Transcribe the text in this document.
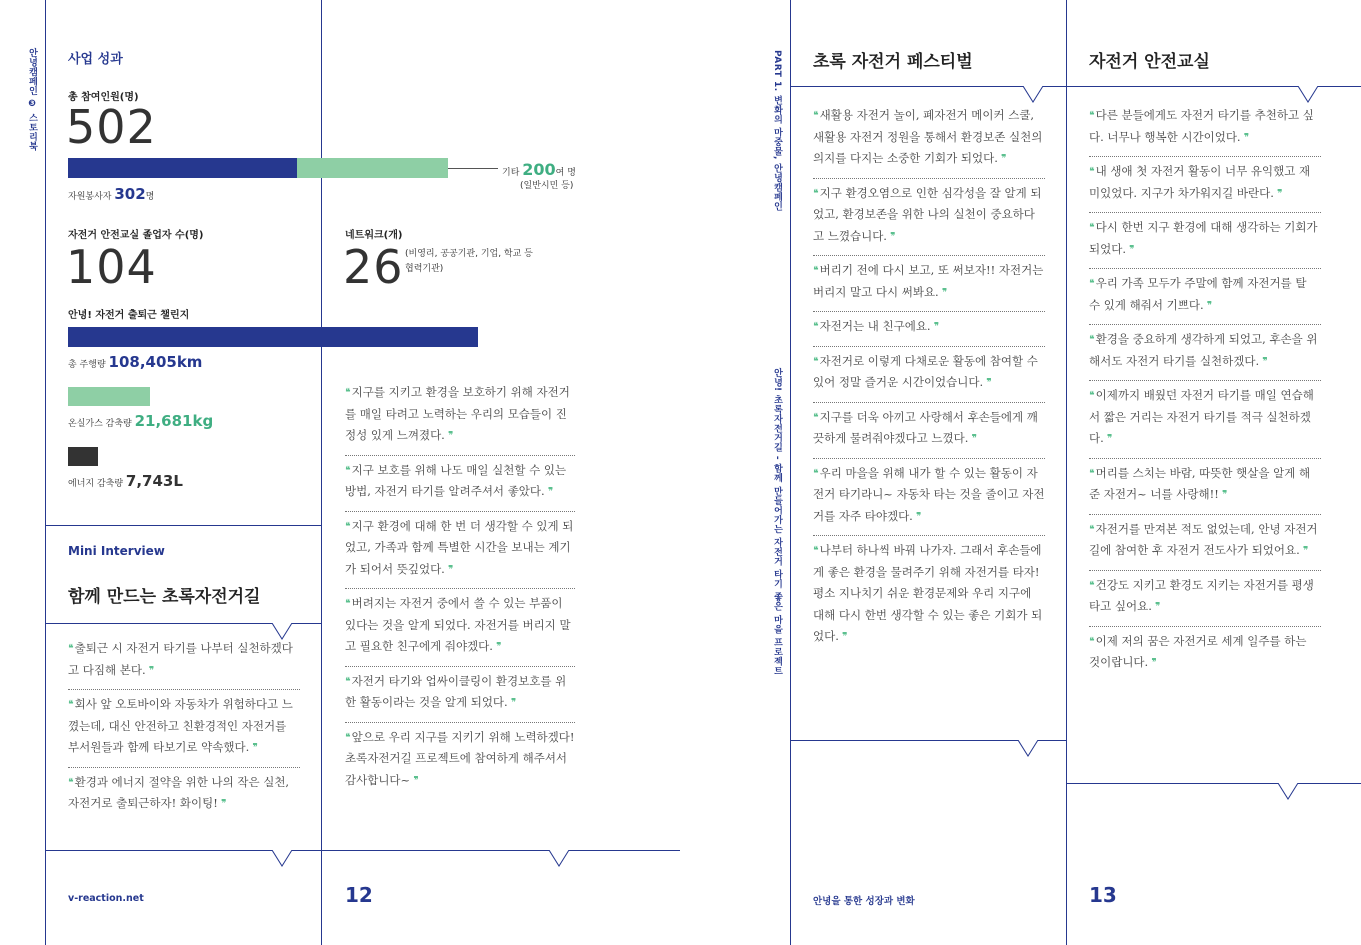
안녕캠페인 ❸ 스토리북 사업 성과
총 참여인원(명)
502
기타 200여 명
(일반시민 등)
자원봉사자 302명
자전거 안전교실 졸업자 수(명)
104
네트워크(개)
26 (비영리, 공공기관, 기업, 학교 등
협력기관)
안녕! 자전거 출퇴근 챌린지
총 주행량 108,405km
온실가스 감축량 21,681kg
에너지 감축량 7,743L
Mini Interview
함께 만드는 초록자전거길
❛❛ 출퇴근 시 자전거 타기를 나부터 실천하겠다고 다짐해 본다. ❜❜
❛❛ 회사 앞 오토바이와 자동차가 위험하다고 느꼈는데, 대신 안전하고 친환경적인 자전거를 부서원들과 함께 타보기로 약속했다. ❜❜
❛❛ 환경과 에너지 절약을 위한 나의 작은 실천, 자전거로 출퇴근하자! 화이팅! ❜❜
❛❛ 지구를 지키고 환경을 보호하기 위해 자전거를 매일 타려고 노력하는 우리의 모습들이 진정성 있게 느껴졌다. ❜❜
❛❛ 지구 보호를 위해 나도 매일 실천할 수 있는 방법, 자전거 타기를 알려주셔서 좋았다. ❜❜
❛❛ 지구 환경에 대해 한 번 더 생각할 수 있게 되었고, 가족과 함께 특별한 시간을 보내는 계기가 되어서 뜻깊었다. ❜❜
❛❛ 버려지는 자전거 중에서 쓸 수 있는 부품이 있다는 것을 알게 되었다. 자전거를 버리지 말고 필요한 친구에게 줘야겠다. ❜❜
❛❛ 자전거 타기와 업싸이클링이 환경보호를 위한 활동이라는 것을 알게 되었다. ❜❜
❛❛ 앞으로 우리 지구를 지키기 위해 노력하겠다! 초록자전거길 프로젝트에 참여하게 해주셔서 감사합니다~ ❜❜
v-reaction.net	12
PART 1. 변화의 마중물, 안녕캠페인
안녕! 초록자전거길 - 함께 만들어가는 자전거 타기 좋은 마을 프로젝트
초록 자전거 페스티벌
❛❛ 새활용 자전거 놀이, 폐자전거 메이커 스쿨, 새활용 자전거 정원을 통해서 환경보존 실천의 의지를 다지는 소중한 기회가 되었다. ❜❜
❛❛ 지구 환경오염으로 인한 심각성을 잘 알게 되었고, 환경보존을 위한 나의 실천이 중요하다고 느꼈습니다. ❜❜
❛❛ 버리기 전에 다시 보고, 또 써보자!! 자전거는 버리지 말고 다시 써봐요. ❜❜
❛❛ 자전거는 내 친구에요. ❜❜
❛❛ 자전거로 이렇게 다채로운 활동에 참여할 수 있어 정말 즐거운 시간이었습니다. ❜❜
❛❛ 지구를 더욱 아끼고 사랑해서 후손들에게 깨끗하게 물려줘야겠다고 느꼈다. ❜❜
❛❛ 우리 마을을 위해 내가 할 수 있는 활동이 자전거 타기라니~ 자동차 타는 것을 줄이고 자전거를 자주 타야겠다. ❜❜
❛❛ 나부터 하나씩 바꿔 나가자. 그래서 후손들에게 좋은 환경을 물려주기 위해 자전거를 타자! 평소 지나치기 쉬운 환경문제와 우리 지구에 대해 다시 한번 생각할 수 있는 좋은 기회가 되었다. ❜❜
자전거 안전교실
❛❛ 다른 분들에게도 자전거 타기를 추천하고 싶다. 너무나 행복한 시간이었다. ❜❜
❛❛ 내 생애 첫 자전거 활동이 너무 유익했고 재미있었다. 지구가 차가워지길 바란다. ❜❜
❛❛ 다시 한번 지구 환경에 대해 생각하는 기회가 되었다. ❜❜
❛❛ 우리 가족 모두가 주말에 함께 자전거를 탈 수 있게 해줘서 기쁘다. ❜❜
❛❛ 환경을 중요하게 생각하게 되었고, 후손을 위해서도 자전거 타기를 실천하겠다. ❜❜
❛❛ 이제까지 배웠던 자전거 타기를 매일 연습해서 짧은 거리는 자전거 타기를 적극 실천하겠다. ❜❜
❛❛ 머리를 스치는 바람, 따뜻한 햇살을 알게 해준 자전거~ 너를 사랑해!! ❜❜
❛❛ 자전거를 만져본 적도 없었는데, 안녕 자전거길에 참여한 후 자전거 전도사가 되었어요. ❜❜
❛❛ 건강도 지키고 환경도 지키는 자전거를 평생 타고 싶어요. ❜❜
❛❛ 이제 저의 꿈은 자전거로 세계 일주를 하는 것이랍니다. ❜❜
안녕을 통한 성장과 변화	13
